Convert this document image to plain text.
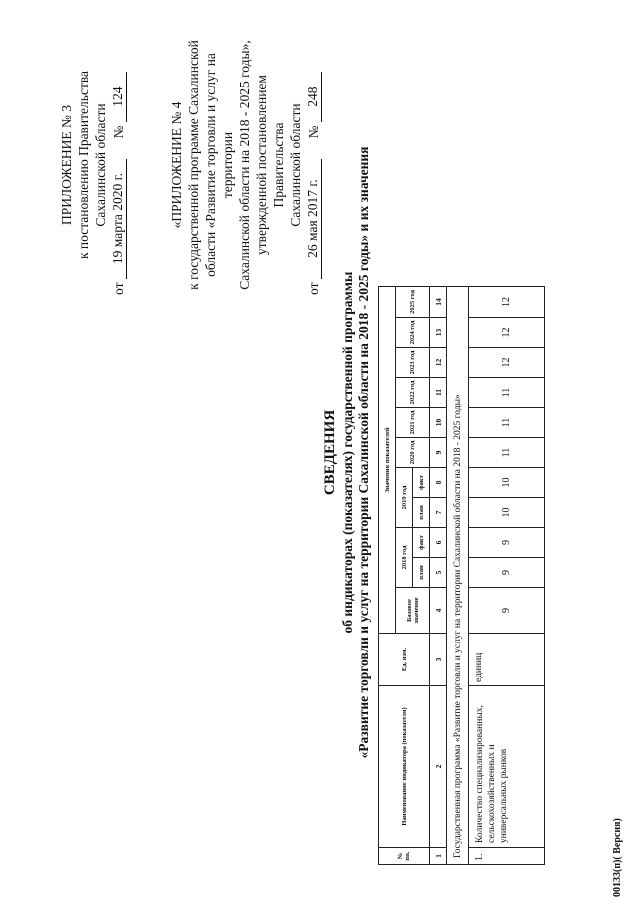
ПРИЛОЖЕНИЕ № 3 к постановлению Правительства Сахалинской области
от
19 марта 2020 г.
№
124
«ПРИЛОЖЕНИЕ № 4 к государственной программе Сахалинской области «Развитие торговли и услуг на территории Сахалинской области на 2018 - 2025 годы», утвержденной постановлением Правительства Сахалинской области
от
26 мая 2017 г.
№
248
СВЕДЕНИЯ об индикаторах (показателях) государственной программы «Развитие торговли и услуг на территории Сахалинской области на 2018 - 2025 годы» и их значения
№ пп.	Наименование индикатора (показателя)	Ед. изм.	Значения показателей										
			Базовое значение	2018 год		2019 год		2020 год	2021 год	2022 год	2023 год	2024 год	2025 год
				план	факт	план	факт						
1	2	3	4	5	6	7	8	9	10	11	12	13	14
Государственная программа «Развитие торговли и услуг на территории Сахалинской области на 2018 - 2025 годы»													
1.	Количество специализированных, сельскохозяйственных и универсальных рынков	единиц	9	9	9	10	10	11	11	11	12	12	12
00133(п)( Версия)
